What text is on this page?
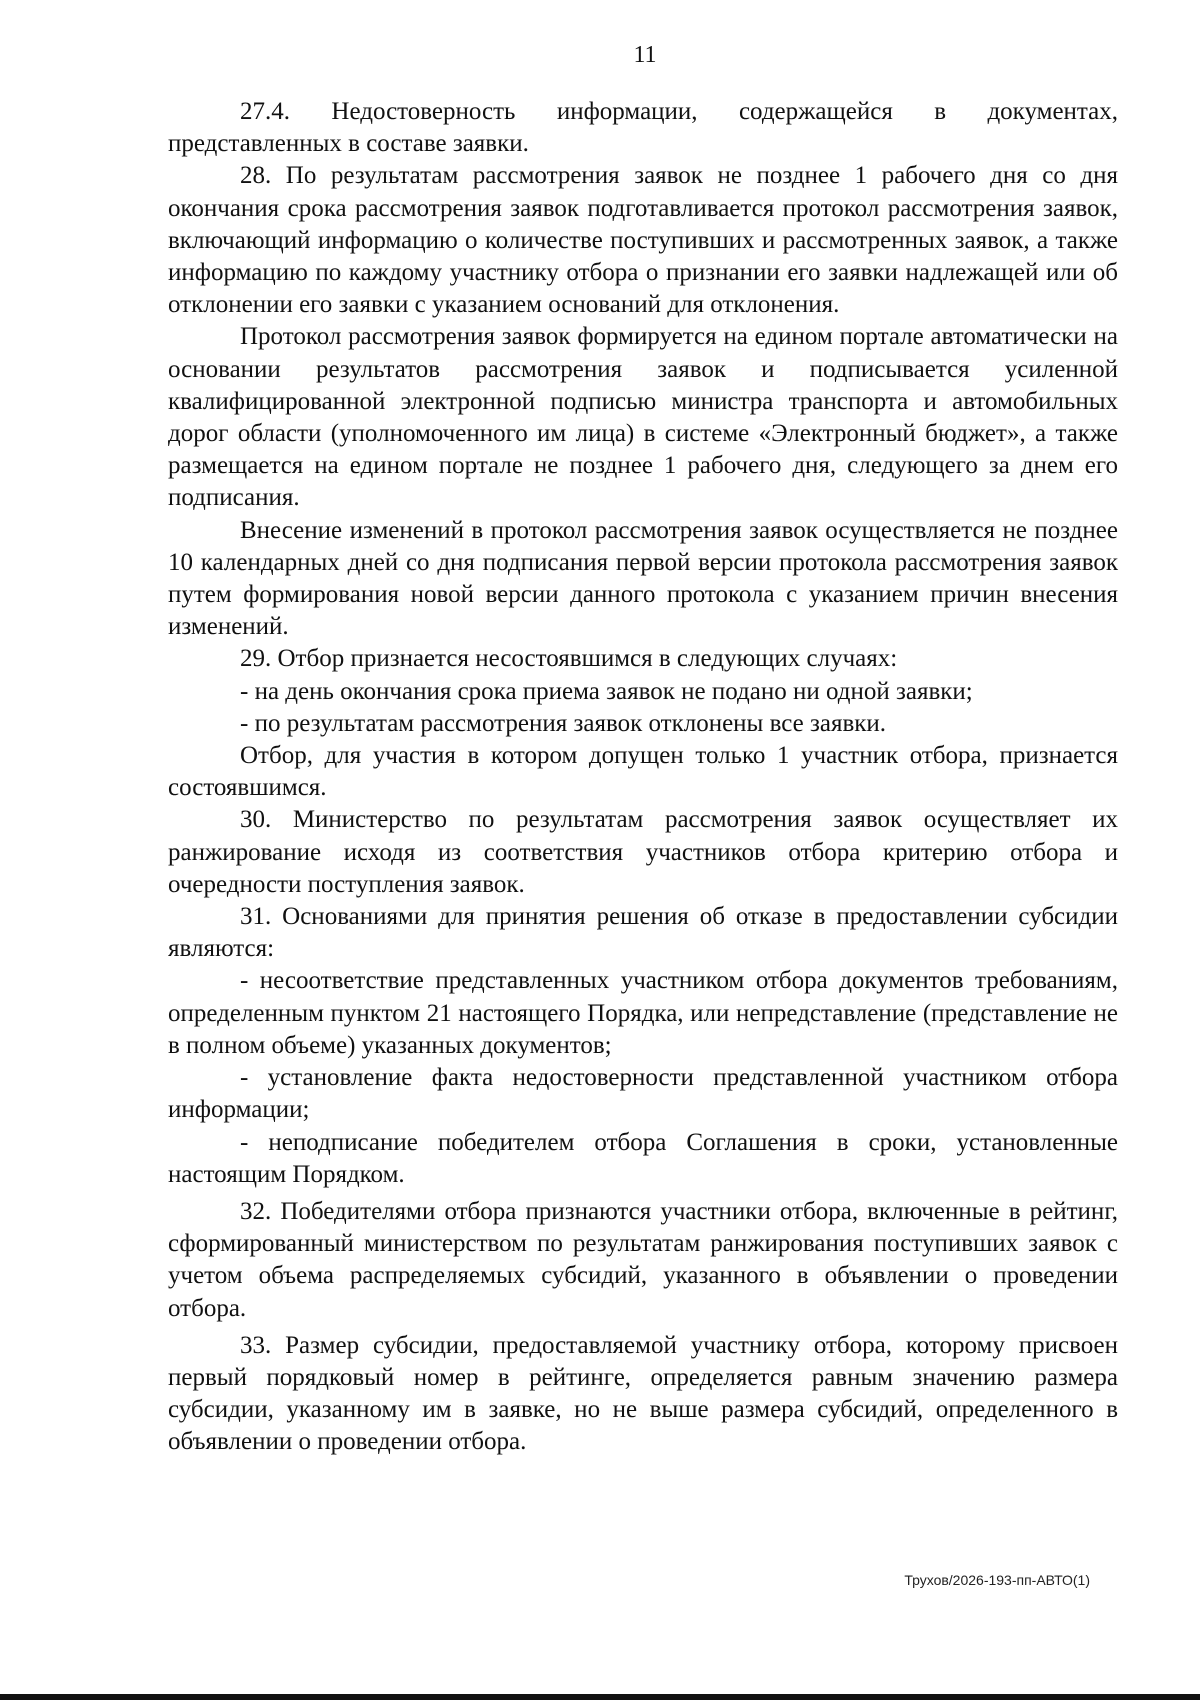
11

27.4. Недостоверность информации, содержащейся в документах, представленных в составе заявки.

28. По результатам рассмотрения заявок не позднее 1 рабочего дня со дня окончания срока рассмотрения заявок подготавливается протокол рассмотрения заявок, включающий информацию о количестве поступивших и рассмотренных заявок, а также информацию по каждому участнику отбора о признании его заявки надлежащей или об отклонении его заявки с указанием оснований для отклонения.

Протокол рассмотрения заявок формируется на едином портале автоматически на основании результатов рассмотрения заявок и подписывается усиленной квалифицированной электронной подписью министра транспорта и автомобильных дорог области (уполномоченного им лица) в системе «Электронный бюджет», а также размещается на едином портале не позднее 1 рабочего дня, следующего за днем его подписания.

Внесение изменений в протокол рассмотрения заявок осуществляется не позднее 10 календарных дней со дня подписания первой версии протокола рассмотрения заявок путем формирования новой версии данного протокола с указанием причин внесения изменений.

29. Отбор признается несостоявшимся в следующих случаях:

- на день окончания срока приема заявок не подано ни одной заявки;

- по результатам рассмотрения заявок отклонены все заявки.

Отбор, для участия в котором допущен только 1 участник отбора, признается состоявшимся.

30. Министерство по результатам рассмотрения заявок осуществляет их ранжирование исходя из соответствия участников отбора критерию отбора и очередности поступления заявок.

31. Основаниями для принятия решения об отказе в предоставлении субсидии являются:

- несоответствие представленных участником отбора документов требованиям, определенным пунктом 21 настоящего Порядка, или непредставление (представление не в полном объеме) указанных документов;

- установление факта недостоверности представленной участником отбора информации;

- неподписание победителем отбора Соглашения в сроки, установленные настоящим Порядком.

32. Победителями отбора признаются участники отбора, включенные в рейтинг, сформированный министерством по результатам ранжирования поступивших заявок с учетом объема распределяемых субсидий, указанного в объявлении о проведении отбора.

33. Размер субсидии, предоставляемой участнику отбора, которому присвоен первый порядковый номер в рейтинге, определяется равным значению размера субсидии, указанному им в заявке, но не выше размера субсидий, определенного в объявлении о проведении отбора.

Трухов/2026-193-пп-АВТО(1)
